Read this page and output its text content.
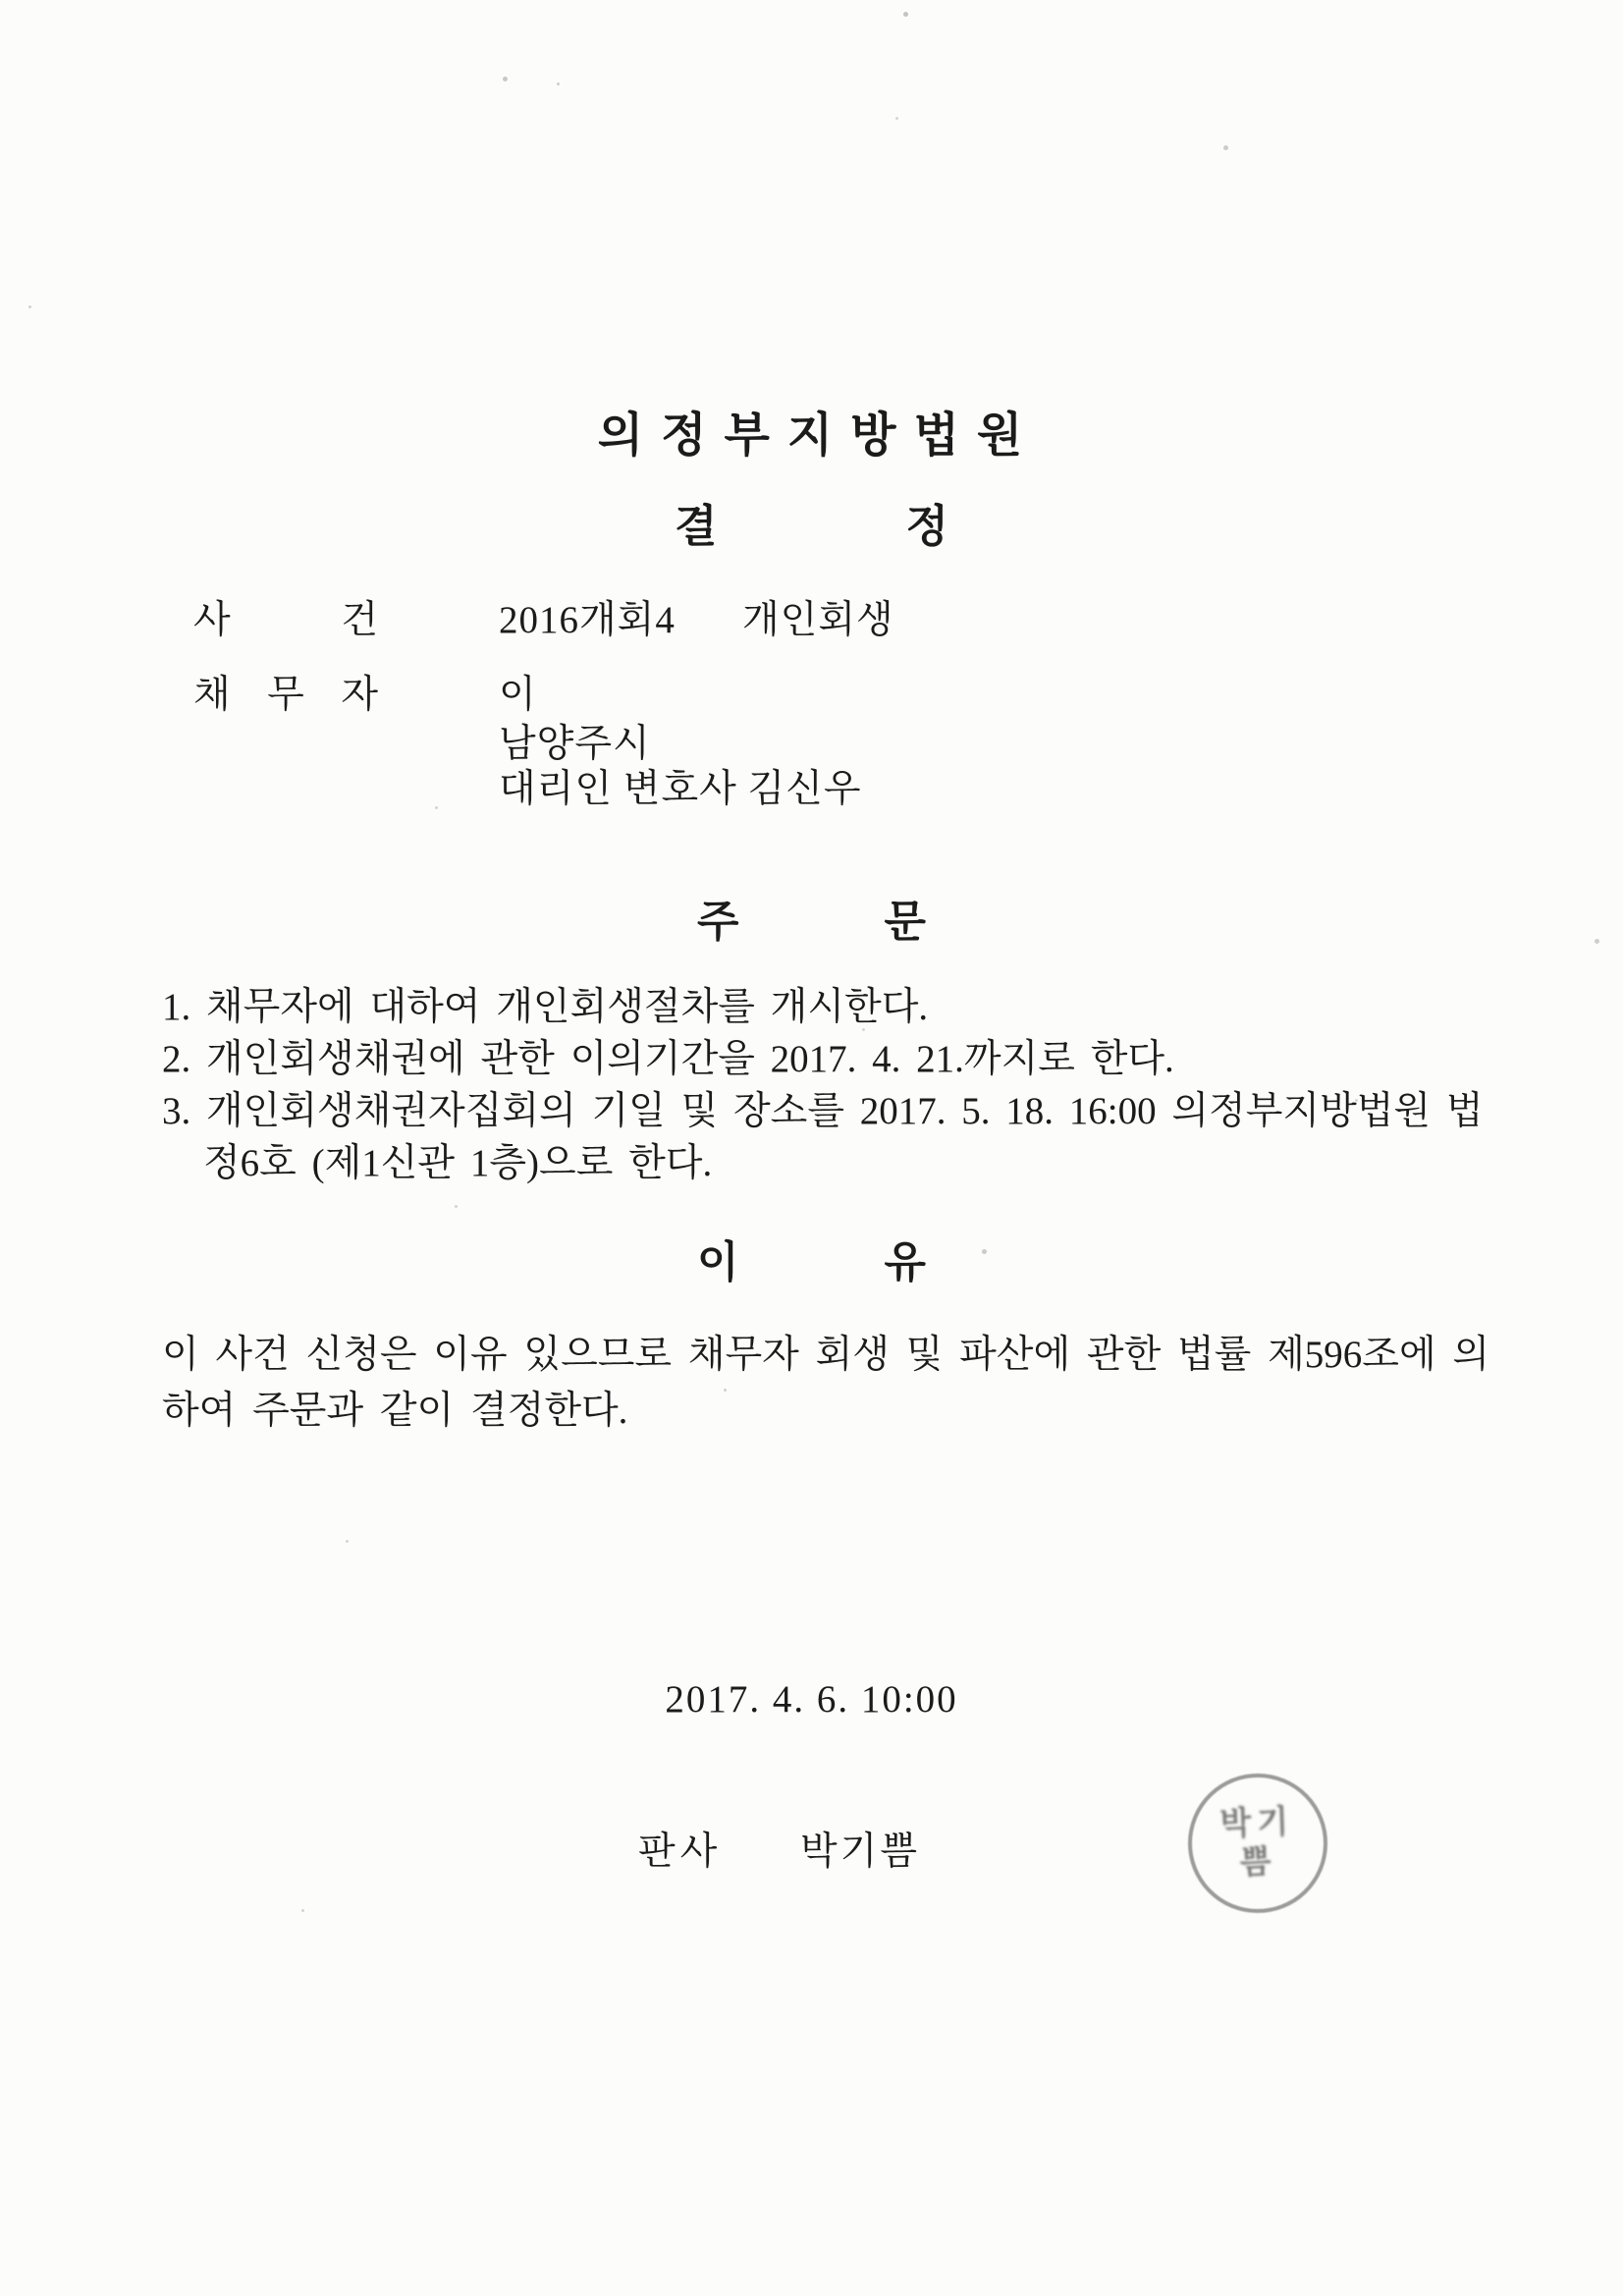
의 정 부 지 방 법 원
결	정
사	건	2016개회4 개인회생
채 무 자	이
남양주시
대리인 변호사 김신우
주	문
1. 채무자에 대하여 개인회생절차를 개시한다.
2. 개인회생채권에 관한 이의기간을 2017. 4. 21.까지로 한다.
3. 개인회생채권자집회의 기일 및 장소를 2017. 5. 18. 16:00 의정부지방법원 법정6호 (제1신관 1층)으로 한다.
이	유
이 사건 신청은 이유 있으므로 채무자 회생 및 파산에 관한 법률 제596조에 의하여 주문과 같이 결정한다.
2017. 4. 6. 10:00
판사 박기쁨
박기쁨
